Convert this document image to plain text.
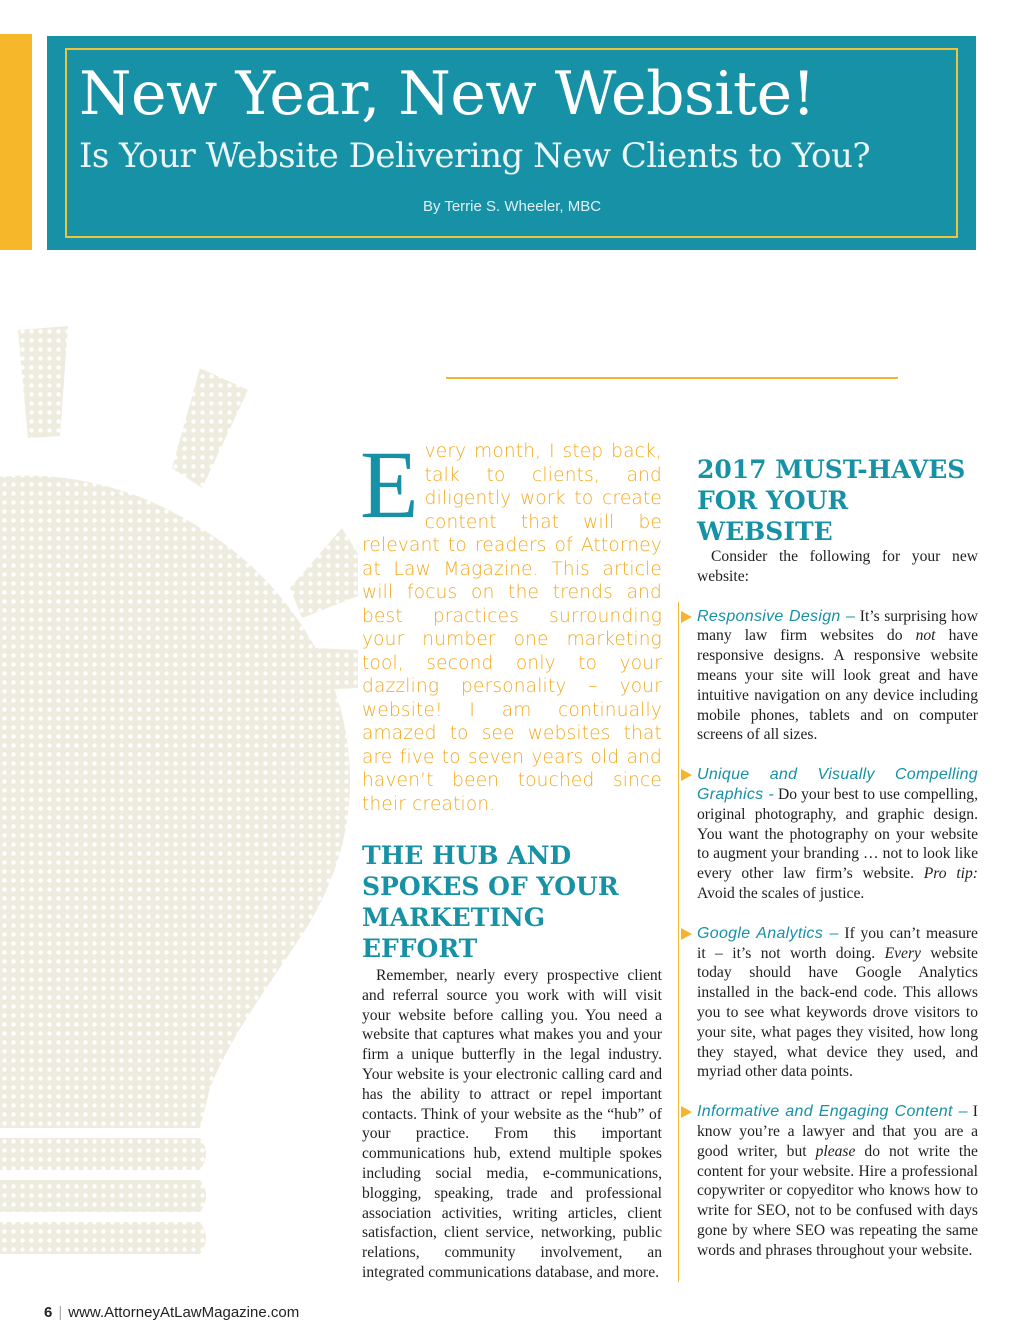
New Year, New Website!
Is Your Website Delivering New Clients to You?
By Terrie S. Wheeler, MBC
E very month, I step back, talk to clients, and diligently work to create content that will be relevant to readers of Attorney at Law Magazine. This article will focus on the trends and best practices surrounding your number one marketing tool, second only to your dazzling personality – your website! I am continually amazed to see websites that are five to seven years old and haven’t been touched since their creation.

THE HUB AND SPOKES OF YOUR MARKETING EFFORT

Remember, nearly every prospective client and referral source you work with will visit your website before calling you. You need a website that captures what makes you and your firm a unique butterfly in the legal industry. Your website is your electronic calling card and has the ability to attract or repel important contacts. Think of your website as the “hub” of your practice. From this important communications hub, extend multiple spokes including social media, e-communications, blogging, speaking, trade and professional association activities, writing articles, client satisfaction, client service, networking, public relations, community involvement, an integrated communications database, and more.

2017 MUST-HAVES FOR YOUR WEBSITE

Consider the following for your new website:

Responsive Design – It’s surprising how many law firm websites do not have responsive designs. A responsive website means your site will look great and have intuitive navigation on any device including mobile phones, tablets and on computer screens of all sizes.
Unique and Visually Compelling Graphics - Do your best to use compelling, original photography, and graphic design. You want the photography on your website to augment your branding … not to look like every other law firm’s website. Pro tip: Avoid the scales of justice.
Google Analytics – If you can’t measure it – it’s not worth doing. Every website today should have Google Analytics installed in the back-end code. This allows you to see what keywords drove visitors to your site, what pages they visited, how long they stayed, what device they used, and myriad other data points.
Informative and Engaging Content – I know you’re a lawyer and that you are a good writer, but please do not write the content for your website. Hire a professional copywriter or copyeditor who knows how to write for SEO, not to be confused with days gone by where SEO was repeating the same words and phrases throughout your website.
6 | www.AttorneyAtLawMagazine.com
